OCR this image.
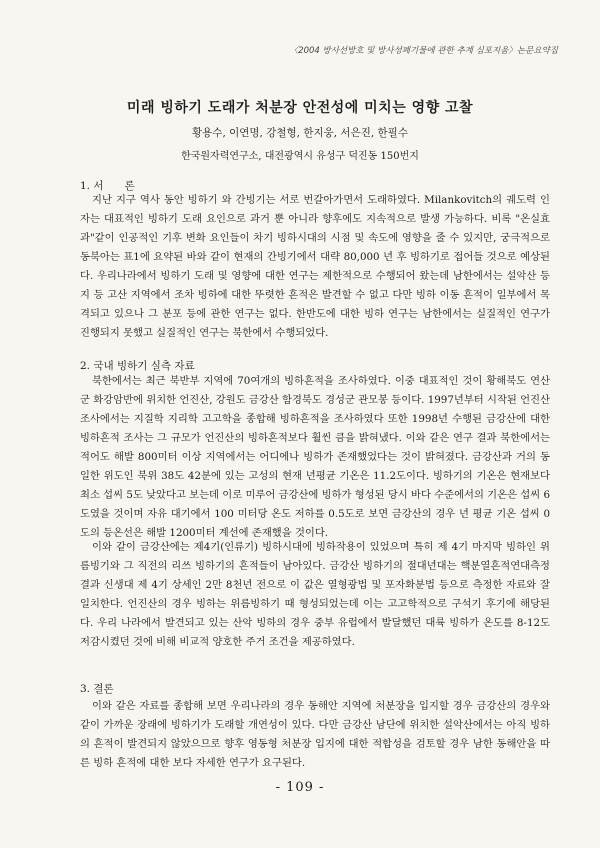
〈2004 방사선방호 및 방사성폐기물에 관한 추계 심포지움〉논문요약집
미래 빙하기 도래가 처분장 안전성에 미치는 영향 고찰
황용수, 이연명, 강철형, 한지웅, 서은진, 한필수
한국원자력연구소, 대전광역시 유성구 덕진동 150번지
1. 서　　론

지난 지구 역사 동안 빙하기 와 간빙기는 서로 번갈아가면서 도래하였다. Milankovitch의 궤도력 인자는 대표적인 빙하기 도래 요인으로 과거 뿐 아니라 향후에도 지속적으로 발생 가능하다. 비록 "온실효과"같이 인공적인 기후 변화 요인들이 차기 빙하시대의 시점 및 속도에 영향을 줄 수 있지만, 궁극적으로 동북아는 표1에 요약된 바와 같이 현재의 간빙기에서 대략 80,000 년 후 빙하기로 접어들 것으로 예상된다. 우리나라에서 빙하기 도래 및 영향에 대한 연구는 제한적으로 수행되어 왔는데 남한에서는 설악산 등지 등 고산 지역에서 조차 빙하에 대한 뚜렷한 흔적은 발견할 수 없고 다만 빙하 이동 흔적이 일부에서 목격되고 있으나 그 분포 등에 관한 연구는 없다. 한반도에 대한 빙하 연구는 남한에서는 실질적인 연구가 진행되지 못했고 실질적인 연구는 북한에서 수행되었다.

2. 국내 빙하기 실측 자료

북한에서는 최근 북반부 지역에 70여개의 빙하흔적을 조사하였다. 이중 대표적인 것이 황해북도 연산군 화강암반에 위치한 언진산, 강원도 금강산 함경북도 경성군 관모봉 등이다. 1997년부터 시작된 언진산 조사에서는 지질학 지리학 고고학을 종합해 빙하흔적을 조사하였다 또한 1998년 수행된 금강산에 대한 빙하흔적 조사는 그 규모가 언진산의 빙하흔적보다 훨씬 큼을 밝혀냈다. 이와 같은 연구 결과 북한에서는 적어도 해발 800미터 이상 지역에서는 어디에나 빙하가 존재했었다는 것이 밝혀졌다. 금강산과 거의 동일한 위도인 북위 38도 42분에 있는 고성의 현재 년평균 기온은 11.2도이다. 빙하기의 기온은 현재보다 최소 섭씨 5도 낮았다고 보는데 이로 미루어 금강산에 빙하가 형성된 당시 바다 수준에서의 기온은 섭씨 6도였을 것이며 자유 대기에서 100 미터당 온도 저하를 0.5도로 보면 금강산의 경우 년 평균 기온 섭씨 0도의 등온선은 해발 1200미터 계선에 존재했을 것이다.

이와 같이 금강산에는 제4기(인류기) 빙하시대에 빙하작용이 있었으며 특히 제 4기 마지막 빙하인 위름빙기와 그 직전의 리쓰 빙하기의 흔적들이 남아있다. 금강산 빙하기의 절대년대는 핵분열흔적연대측정 결과 신생대 제 4기 상세인 2만 8천년 전으로 이 값은 열형광법 및 포자화분법 등으로 측정한 자료와 잘 일치한다. 언진산의 경우 빙하는 위름빙하기 때 형성되었는데 이는 고고학적으로 구석기 후기에 해당된다. 우리 나라에서 발견되고 있는 산악 빙하의 경우 중부 유럽에서 발달했던 대륙 빙하가 온도를 8-12도 저감시켰던 것에 비해 비교적 양호한 주거 조건을 제공하였다.

3. 결론

이와 같은 자료를 종합해 보면 우리나라의 경우 동해안 지역에 처분장을 입지할 경우 금강산의 경우와 같이 가까운 장래에 빙하기가 도래할 개연성이 있다. 다만 금강산 남단에 위치한 설악산에서는 아직 빙하의 흔적이 발견되지 않았으므로 향후 영동형 처분장 입지에 대한 적합성을 검토할 경우 남한 동해안을 따른 빙하 흔적에 대한 보다 자세한 연구가 요구된다.

- 109 -
